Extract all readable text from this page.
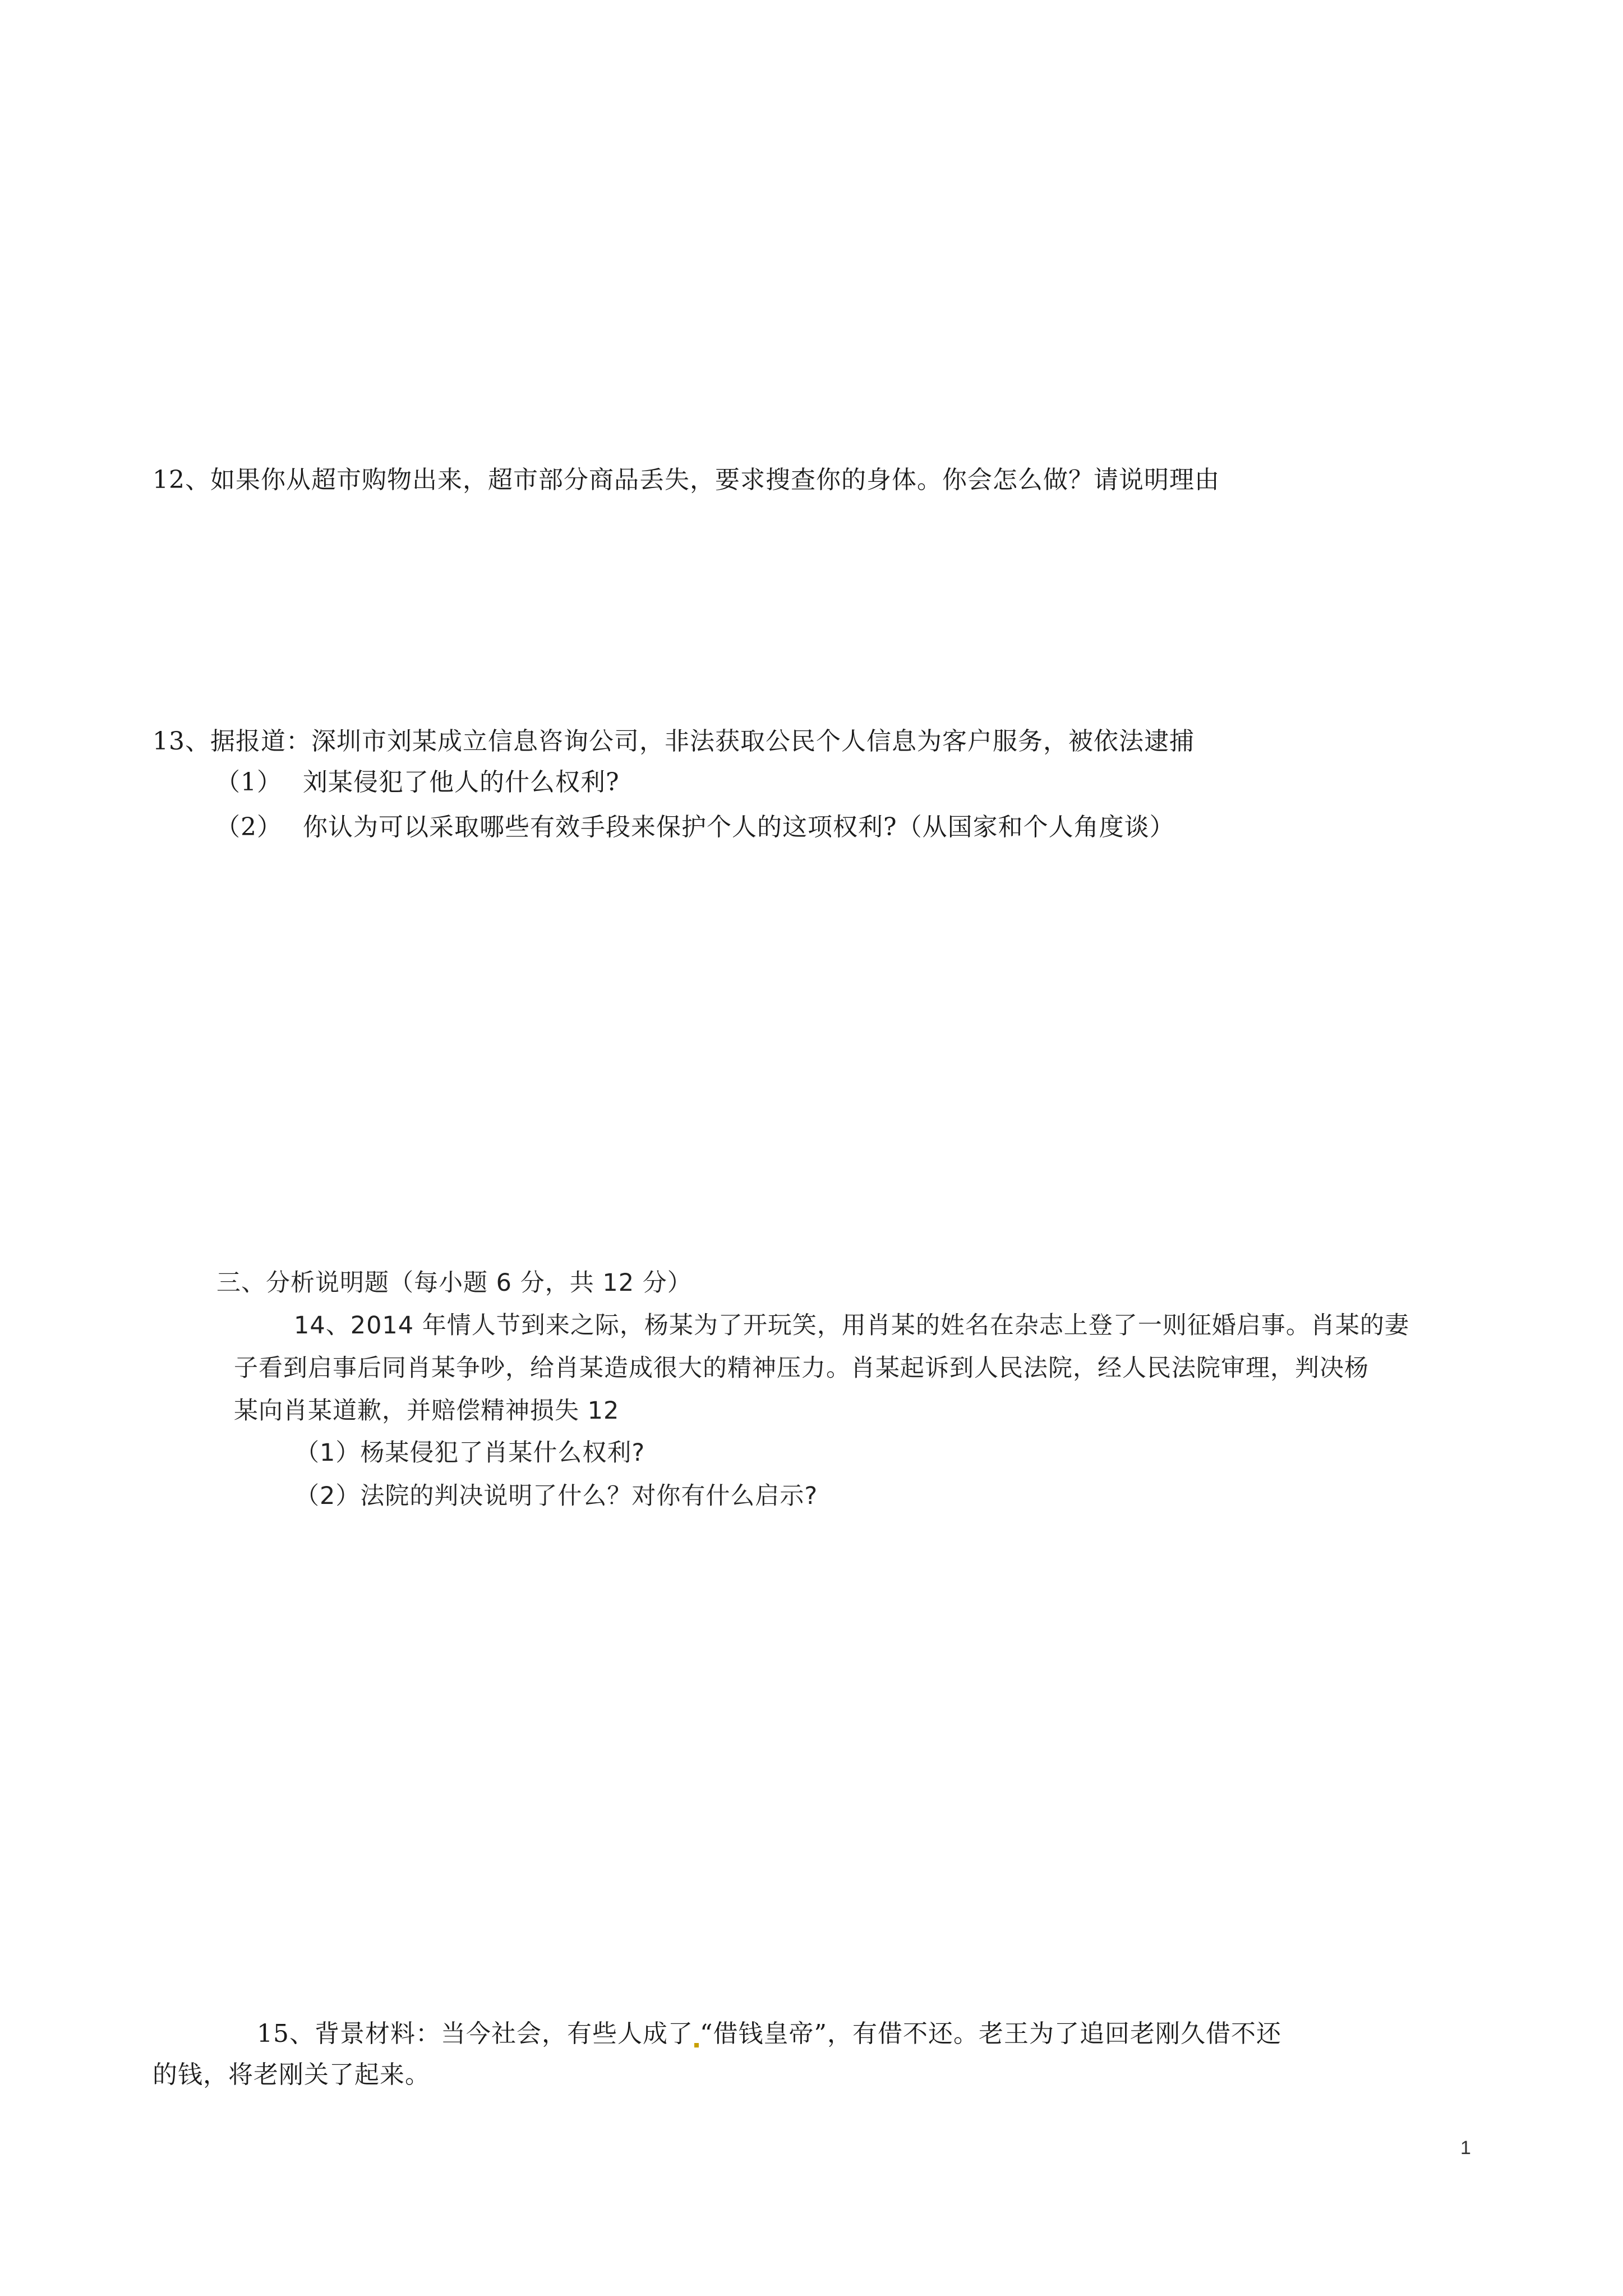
12、如果你从超市购物出来，超市部分商品丢失，要求搜查你的身体。你会怎么做？请说明理由
13、据报道：深圳市刘某成立信息咨询公司，非法获取公民个人信息为客户服务，被依法逮捕
（1） 刘某侵犯了他人的什么权利?
（2） 你认为可以采取哪些有效手段来保护个人的这项权利?（从国家和个人角度谈）
三、分析说明题（每小题 6 分，共 12 分）
14、2014 年情人节到来之际，杨某为了开玩笑，用肖某的姓名在杂志上登了一则征婚启事。肖某的妻
子看到启事后同肖某争吵，给肖某造成很大的精神压力。肖某起诉到人民法院，经人民法院审理，判决杨
某向肖某道歉，并赔偿精神损失 12
（1）杨某侵犯了肖某什么权利?
（2）法院的判决说明了什么？对你有什么启示?
15、背景材料：当今社会，有些人成了 “借钱皇帝”，有借不还。老王为了追回老刚久借不还
的钱，将老刚关了起来。
1
